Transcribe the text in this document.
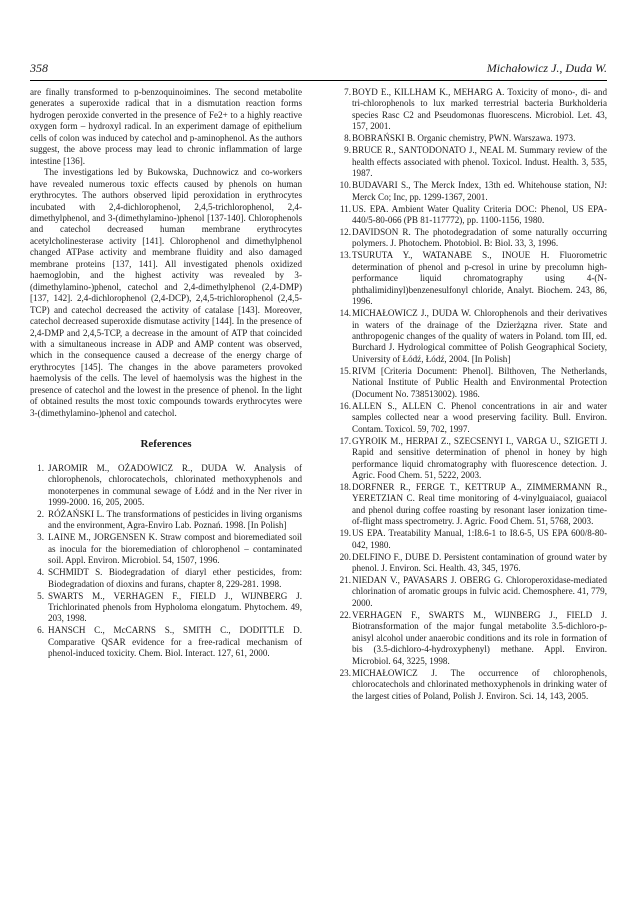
358	Michałowicz J., Duda W.

are finally transformed to p-benzoquinoimines. The second metabolite generates a superoxide radical that in a dismutation reaction forms hydrogen peroxide converted in the presence of Fe2+ to a highly reactive oxygen form – hydroxyl radical. In an experiment damage of epithelium cells of colon was induced by catechol and p-aminophenol. As the authors suggest, the above process may lead to chronic inflammation of large intestine [136].

The investigations led by Bukowska, Duchnowicz and co-workers have revealed numerous toxic effects caused by phenols on human erythrocytes. The authors observed lipid peroxidation in erythrocytes incubated with 2,4-dichlorophenol, 2,4,5-trichlorophenol, 2,4-dimethylphenol, and 3-(dimethylamino-)phenol [137-140]. Chlorophenols and catechol decreased human membrane erythrocytes acetylcholinesterase activity [141]. Chlorophenol and dimethylphenol changed ATPase activity and membrane fluidity and also damaged membrane proteins [137, 141]. All investigated phenols oxidized haemoglobin, and the highest activity was revealed by 3-(dimethylamino-)phenol, catechol and 2,4-dimethylphenol (2,4-DMP) [137, 142]. 2,4-dichlorophenol (2,4-DCP), 2,4,5-trichlorophenol (2,4,5-TCP) and catechol decreased the activity of catalase [143]. Moreover, catechol decreased superoxide dismutase activity [144]. In the presence of 2,4-DMP and 2,4,5-TCP, a decrease in the amount of ATP that coincided with a simultaneous increase in ADP and AMP content was observed, which in the consequence caused a decrease of the energy charge of erythrocytes [145]. The changes in the above parameters provoked haemolysis of the cells. The level of haemolysis was the highest in the presence of catechol and the lowest in the presence of phenol. In the light of obtained results the most toxic compounds towards erythrocytes were 3-(dimethylamino-)phenol and catechol.

References
1. JAROMIR M., OŻADOWICZ R., DUDA W. Analysis of chlorophenols, chlorocatechols, chlorinated methoxyphenols and monoterpenes in communal sewage of Łódź and in the Ner river in 1999-2000. 16, 205, 2005.
2. RÓŻAŃSKI L. The transformations of pesticides in living organisms and the environment, Agra-Enviro Lab. Poznań. 1998. [In Polish]
3. LAINE M., JORGENSEN K. Straw compost and bioremediated soil as inocula for the bioremediation of chlorophenol – contaminated soil. Appl. Environ. Microbiol. 54, 1507, 1996.
4. SCHMIDT S. Biodegradation of diaryl ether pesticides, from: Biodegradation of dioxins and furans, chapter 8, 229-281. 1998.
5. SWARTS M., VERHAGEN F., FIELD J., WIJNBERG J. Trichlorinated phenols from Hypholoma elongatum. Phytochem. 49, 203, 1998.
6. HANSCH C., McCARNS S., SMITH C., DODITTLE D. Comparative QSAR evidence for a free-radical mechanism of phenol-induced toxicity. Chem. Biol. Interact. 127, 61, 2000.
7. BOYD E., KILLHAM K., MEHARG A. Toxicity of mono-, di- and tri-chlorophenols to lux marked terrestrial bacteria Burkholderia species Rasc C2 and Pseudomonas fluorescens. Microbiol. Let. 43, 157, 2001.
8. BOBRAŃSKI B. Organic chemistry, PWN. Warszawa. 1973.
9. BRUCE R., SANTODONATO J., NEAL M. Summary review of the health effects associated with phenol. Toxicol. Indust. Health. 3, 535, 1987.
10. BUDAVARI S., The Merck Index, 13th ed. Whitehouse station, NJ: Merck Co; Inc, pp. 1299-1367, 2001.
11. US. EPA. Ambient Water Quality Criteria DOC: Phenol, US EPA-440/5-80-066 (PB 81-117772), pp. 1100-1156, 1980.
12. DAVIDSON R. The photodegradation of some naturally occurring polymers. J. Photochem. Photobiol. B: Biol. 33, 3, 1996.
13. TSURUTA Y., WATANABE S., INOUE H. Fluorometric determination of phenol and p-cresol in urine by precolumn high-performance liquid chromatography using 4-(N-phthalimidinyl)benzenesulfonyl chloride, Analyt. Biochem. 243, 86, 1996.
14. MICHAŁOWICZ J., DUDA W. Chlorophenols and their derivatives in waters of the drainage of the Dzierżązna river. State and anthropogenic changes of the quality of waters in Poland. tom III, ed. Burchard J. Hydrological committee of Polish Geographical Society, University of Łódź, Łódź, 2004. [In Polish]
15. RIVM [Criteria Document: Phenol]. Bilthoven, The Netherlands, National Institute of Public Health and Environmental Protection (Document No. 738513002). 1986.
16. ALLEN S., ALLEN C. Phenol concentrations in air and water samples collected near a wood preserving facility. Bull. Environ. Contam. Toxicol. 59, 702, 1997.
17. GYROIK M., HERPAI Z., SZECSENYI I., VARGA U., SZIGETI J. Rapid and sensitive determination of phenol in honey by high performance liquid chromatography with fluorescence detection. J. Agric. Food Chem. 51, 5222, 2003.
18. DORFNER R., FERGE T., KETTRUP A., ZIMMERMANN R., YERETZIAN C. Real time monitoring of 4-vinylguaiacol, guaiacol and phenol during coffee roasting by resonant laser ionization time-of-flight mass spectrometry. J. Agric. Food Chem. 51, 5768, 2003.
19. US EPA. Treatability Manual, 1:I8.6-1 to I8.6-5, US EPA 600/8-80-042, 1980.
20. DELFINO F., DUBE D. Persistent contamination of ground water by phenol. J. Environ. Sci. Health. 43, 345, 1976.
21. NIEDAN V., PAVASARS J. OBERG G. Chloroperoxidase-mediated chlorination of aromatic groups in fulvic acid. Chemosphere. 41, 779, 2000.
22. VERHAGEN F., SWARTS M., WIJNBERG J., FIELD J. Biotransformation of the major fungal metabolite 3.5-dichloro-p-anisyl alcohol under anaerobic conditions and its role in formation of bis (3.5-dichloro-4-hydroxyphenyl) methane. Appl. Environ. Microbiol. 64, 3225, 1998.
23. MICHAŁOWICZ J. The occurrence of chlorophenols, chlorocatechols and chlorinated methoxyphenols in drinking water of the largest cities of Poland, Polish J. Environ. Sci. 14, 143, 2005.
